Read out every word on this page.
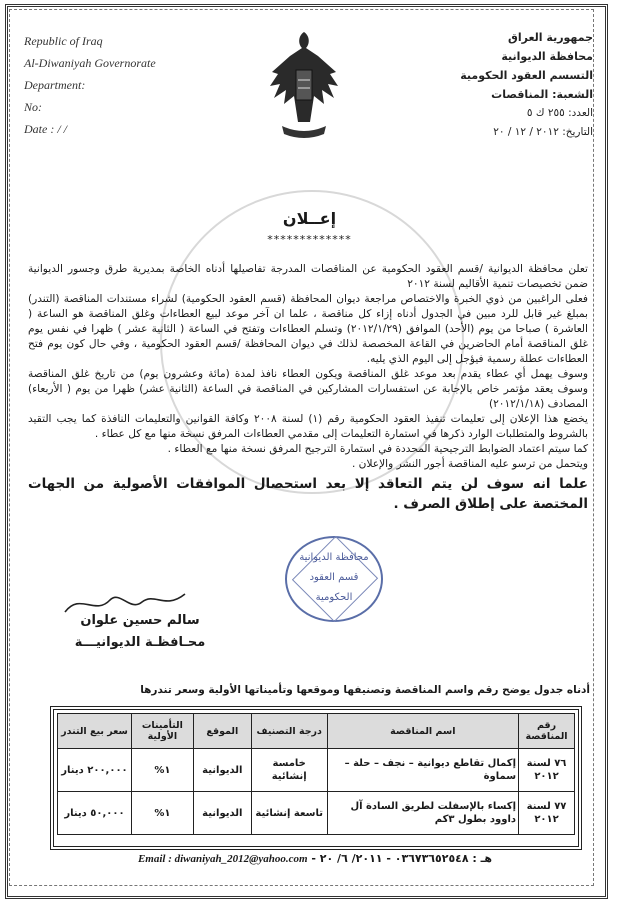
Republic of Iraq
Al-Diwaniyah Governorate
Department:
No:
Date : / /
جمهورية العراق
محافظة الديوانية
التسسم العقود الحكومية
الشعبة: المناقصات
العدد: ٢٥٥ ك ٥
التاريخ: ٢٠١٢ / ١٢ / ٢٠
إعــلان
*************

تعلن محافظة الديوانية /قسم العقود الحكومية عن المناقصات المدرجة تفاصيلها أدناه الخاصة بمديرية طرق وجسور الديوانية ضمن تخصيصات تنمية الأقاليم لسنة ٢٠١٢

فعلى الراغبين من ذوي الخبرة والاختصاص مراجعة ديوان المحافظة (قسم العقود الحكومية) لشراء مستندات المناقصة (التندر) بمبلغ غير قابل للرد مبين في الجدول أدناه إزاء كل مناقصة ، علما ان آخر موعد لبيع العطاءات وغلق المناقصة هو الساعة ( العاشرة ) صباحا من يوم (الأحد) الموافق (٢٠١٢/١/٢٩) وتسلم العطاءات وتفتح في الساعة ( الثانية عشر ) ظهرا في نفس يوم غلق المناقصة أمام الحاضرين في القاعة المخصصة لذلك في ديوان المحافظة /قسم العقود الحكومية ، وفي حال كون يوم فتح العطاءات عطلة رسمية فيؤجل إلى اليوم الذي يليه.

وسوف يهمل أي عطاء يقدم بعد موعد غلق المناقصة ويكون العطاء نافذ لمدة (مائة وعشرون يوم) من تاريخ غلق المناقصة وسوف يعقد مؤتمر خاص بالإجابة عن استفسارات المشاركين في المناقصة في الساعة (الثانية عشر) ظهرا من يوم ( الأربعاء) المصادف (٢٠١٢/١/١٨)

يخضع هذا الإعلان إلى تعليمات تنفيذ العقود الحكومية رقم (١) لسنة ٢٠٠٨ وكافة القوانين والتعليمات النافذة كما يجب التقيد بالشروط والمتطلبات الوارد ذكرها في استمارة التعليمات إلى مقدمي العطاءات المرفق نسخة منها مع كل عطاء .

كما سيتم اعتماد الضوابط الترجيحية المحددة في استمارة الترجيح المرفق نسخة منها مع العطاء .

ويتحمل من ترسو عليه المناقصة أجور النشر والإعلان .

علما انه سوف لن يتم التعاقد إلا بعد استحصال الموافقات الأصولية من الجهات المختصة على إطلاق الصرف .

محافظة الديوانية
قسم العقود
الحكومية
سالم حسين علوان
محـافظـة الديوانيـــة
أدناه جدول يوضح رقم واسم المناقصة وتصنيفها وموقعها وتأميناتها الأولية وسعر تندرها
رقم المناقصة	اسم المناقصة	درجة التصنيف	الموقع	التأمينات الأولية	سعر بيع التندر
٧٦ لسنة ٢٠١٢	إكمال تقاطع ديوانية – نجف – حلة – سماوة	خامسة إنشائية	الديوانية	١%	٢٠٠,٠٠٠ دينار
٧٧ لسنة ٢٠١٢	إكساء بالإسفلت لطريق السادة آل داوود بطول ٣كم	تاسعة إنشائية	الديوانية	١%	٥٠,٠٠٠ دينار
Email : diwaniyah_2012@yahoo.com - هـ : ٠٣٦٧٣٦٥٢٥٤٨ - ٢٠١١/ ٦/ ٢٠
